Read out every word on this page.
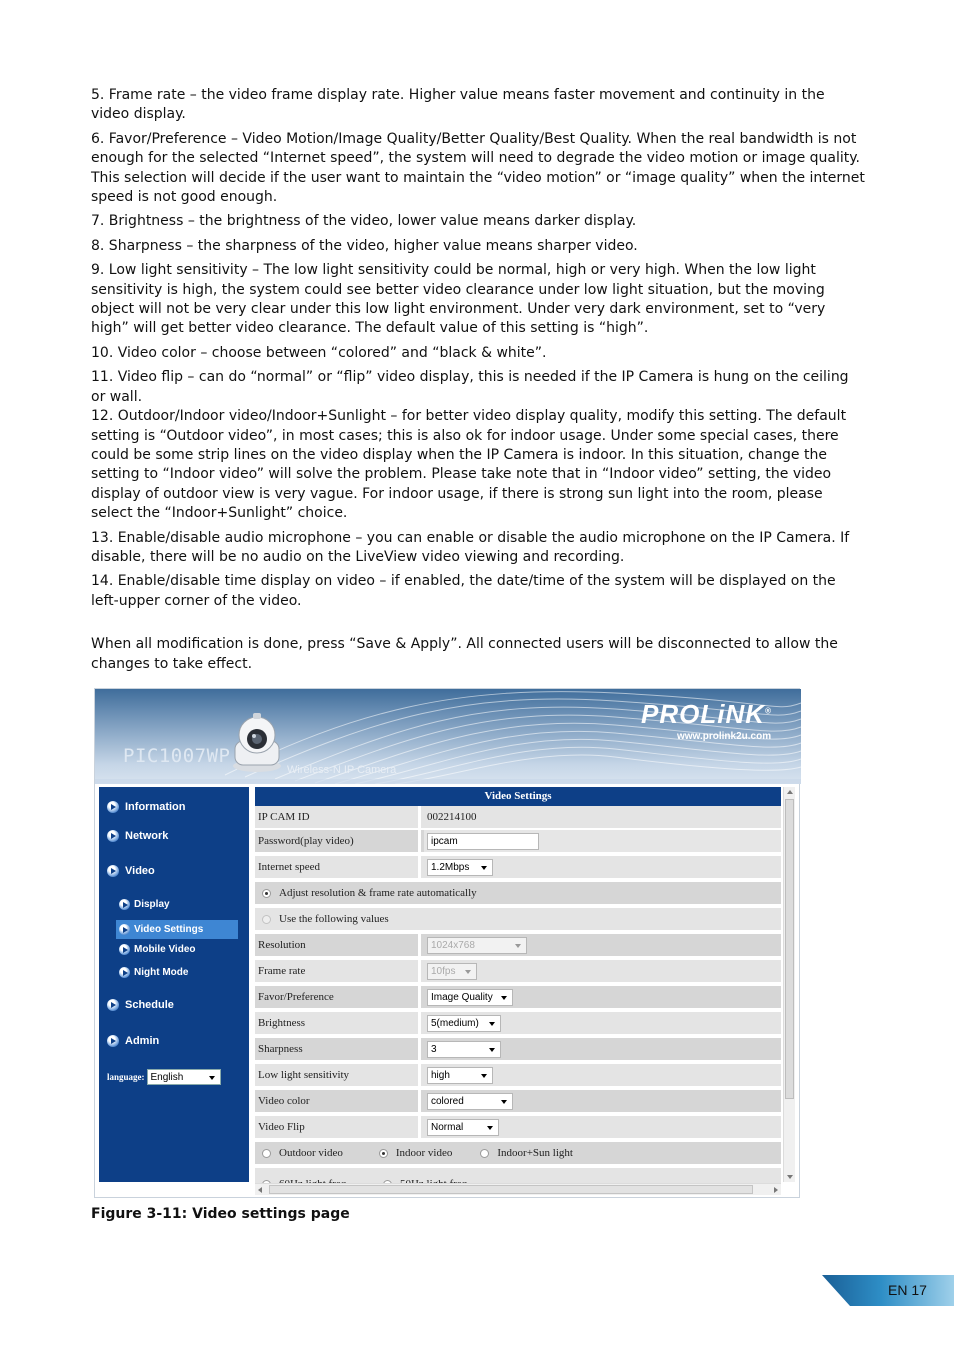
5. Frame rate – the video frame display rate. Higher value means faster movement and continuity in the video display.

6. Favor/Preference – Video Motion/Image Quality/Better Quality/Best Quality. When the real bandwidth is not enough for the selected “Internet speed”, the system will need to degrade the video motion or image quality. This selection will decide if the user want to maintain the “video motion” or “image quality” when the internet speed is not good enough.

7. Brightness – the brightness of the video, lower value means darker display.

8. Sharpness – the sharpness of the video, higher value means sharper video.

9. Low light sensitivity – The low light sensitivity could be normal, high or very high. When the low light sensitivity is high, the system could see better video clearance under low light situation, but the moving object will not be very clear under this low light environment. Under very dark environment, set to “very high” will get better video clearance. The default value of this setting is “high”.

10. Video color – choose between “colored” and “black & white”.

11. Video flip – can do “normal” or “flip” video display, this is needed if the IP Camera is hung on the ceiling or wall.

12. Outdoor/Indoor video/Indoor+Sunlight – for better video display quality, modify this setting. The default setting is “Outdoor video”, in most cases; this is also ok for indoor usage. Under some special cases, there could be some strip lines on the video display when the IP Camera is indoor. In this situation, change the setting to “Indoor video” will solve the problem. Please take note that in “Indoor video” setting, the video display of outdoor view is very vague. For indoor usage, if there is strong sun light into the room, please select the “Indoor+Sunlight” choice.

13. Enable/disable audio microphone – you can enable or disable the audio microphone on the IP Camera. If disable, there will be no audio on the LiveView video viewing and recording.

14. Enable/disable time display on video – if enabled, the date/time of the system will be displayed on the left-upper corner of the video.

When all modification is done, press “Save & Apply”. All connected users will be disconnected to allow the changes to take effect.

PIC1007WP
Wireless-N IP Camera
PROLiNK®
www.prolink2u.com
Information
Network
Video
Display
Video Settings
Mobile Video
Night Mode
Schedule
Admin
language: English
Video Settings
IP CAM ID	002214100
Password(play video)	ipcam
Internet speed	1.2Mbps
Adjust resolution & frame rate automatically
Use the following values
Resolution	1024x768
Frame rate	10fps
Favor/Preference	Image Quality
Brightness	5(medium)
Sharpness	3
Low light sensitivity	high
Video color	colored
Video Flip	Normal
Outdoor video	Indoor video	Indoor+Sun light
Figure 3-11: Video settings page
EN 17
